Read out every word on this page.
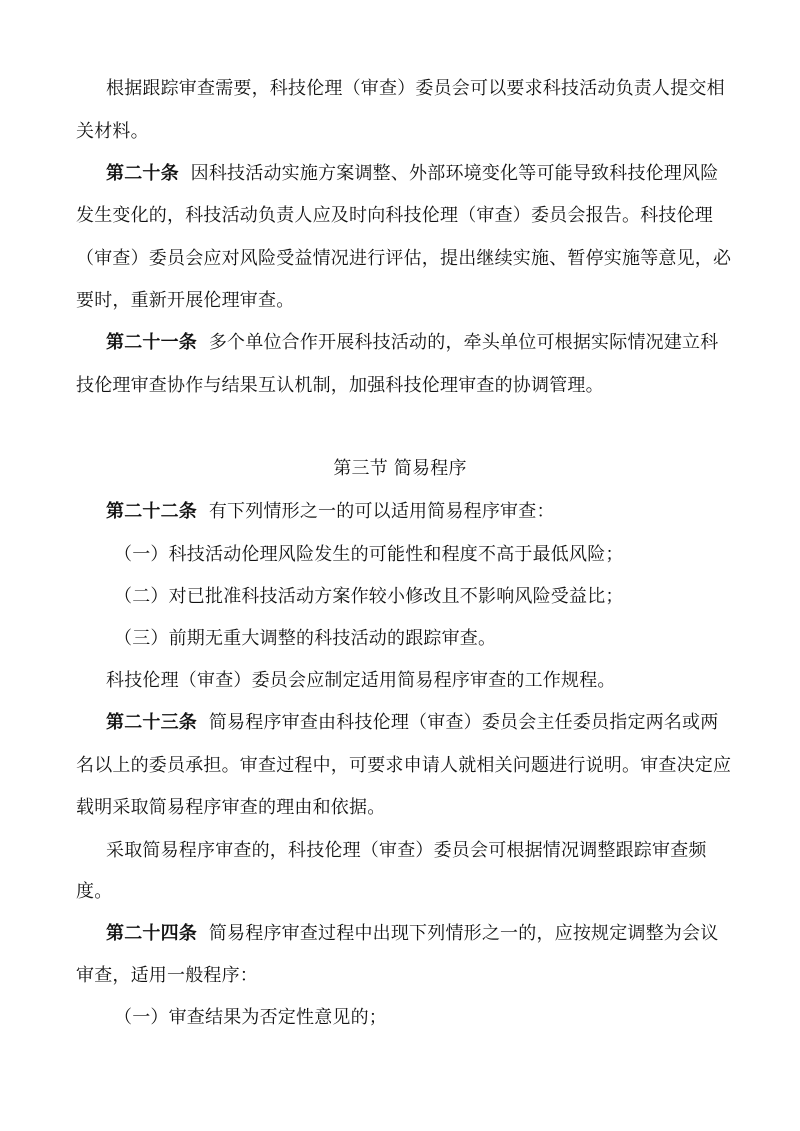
根据跟踪审查需要，科技伦理（审查）委员会可以要求科技活动负责人提交相
关材料。
第二十条 因科技活动实施方案调整、外部环境变化等可能导致科技伦理风险
发生变化的，科技活动负责人应及时向科技伦理（审查）委员会报告。科技伦理
（审查）委员会应对风险受益情况进行评估，提出继续实施、暂停实施等意见，必
要时，重新开展伦理审查。
第二十一条 多个单位合作开展科技活动的，牵头单位可根据实际情况建立科
技伦理审查协作与结果互认机制，加强科技伦理审查的协调管理。
第三节 简易程序
第二十二条 有下列情形之一的可以适用简易程序审查：
（一）科技活动伦理风险发生的可能性和程度不高于最低风险；
（二）对已批准科技活动方案作较小修改且不影响风险受益比；
（三）前期无重大调整的科技活动的跟踪审查。
科技伦理（审查）委员会应制定适用简易程序审查的工作规程。
第二十三条 简易程序审查由科技伦理（审查）委员会主任委员指定两名或两
名以上的委员承担。审查过程中，可要求申请人就相关问题进行说明。审查决定应
载明采取简易程序审查的理由和依据。
采取简易程序审查的，科技伦理（审查）委员会可根据情况调整跟踪审查频
度。
第二十四条 简易程序审查过程中出现下列情形之一的，应按规定调整为会议
审查，适用一般程序：
（一）审查结果为否定性意见的；
